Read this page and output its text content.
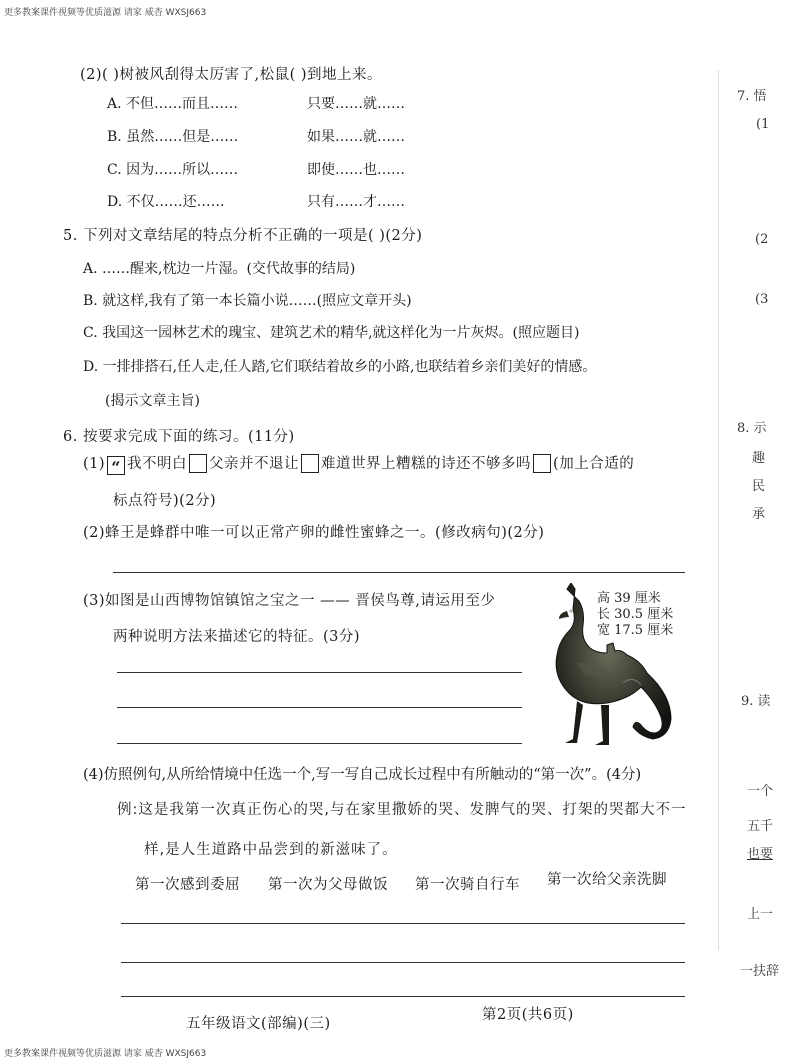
更多教案课件视频等优质滋源 请家 威杏 WXSJ663
更多教案课件视频等优质滋源 请家 威杏 WXSJ663
(2)( )树被风刮得太厉害了,松鼠( )到地上来。
A. 不但……而且……	只要……就……
B. 虽然……但是……	如果……就……
C. 因为……所以……	即使……也……
D. 不仅……还……	只有……才……
5. 下列对文章结尾的特点分析不正确的一项是( )(2分)
A. ……醒来,枕边一片湿。(交代故事的结局)
B. 就这样,我有了第一本长篇小说……(照应文章开头)
C. 我国这一园林艺术的瑰宝、建筑艺术的精华,就这样化为一片灰烬。(照应题目)
D. 一排排搭石,任人走,任人踏,它们联结着故乡的小路,也联结着乡亲们美好的情感。
(揭示文章主旨)
6. 按要求完成下面的练习。(11分)
(1) “ 我不明白 父亲并不退让 难道世界上糟糕的诗还不够多吗 (加上合适的
标点符号)(2分)
(2)蜂王是蜂群中唯一可以正常产卵的雌性蜜蜂之一。(修改病句)(2分)
(3)如图是山西博物馆镇馆之宝之一 —— 晋侯鸟尊,请运用至少
两种说明方法来描述它的特征。(3分)
高 39 厘米
长 30.5 厘米
宽 17.5 厘米
(4)仿照例句,从所给情境中任选一个,写一写自己成长过程中有所触动的“第一次”。(4分)
例:这是我第一次真正伤心的哭,与在家里撒娇的哭、发脾气的哭、打架的哭都大不一
样,是人生道路中品尝到的新滋味了。
第一次感到委屈 第一次为父母做饭 第一次骑自行车 第一次给父亲洗脚
五年级语文(部编)(三)
第2页(共6页)
7. 悟
(1
(2
(3
8. 示
趣
民
承
9. 读
一个
五千
也要
上一
一扶辞
